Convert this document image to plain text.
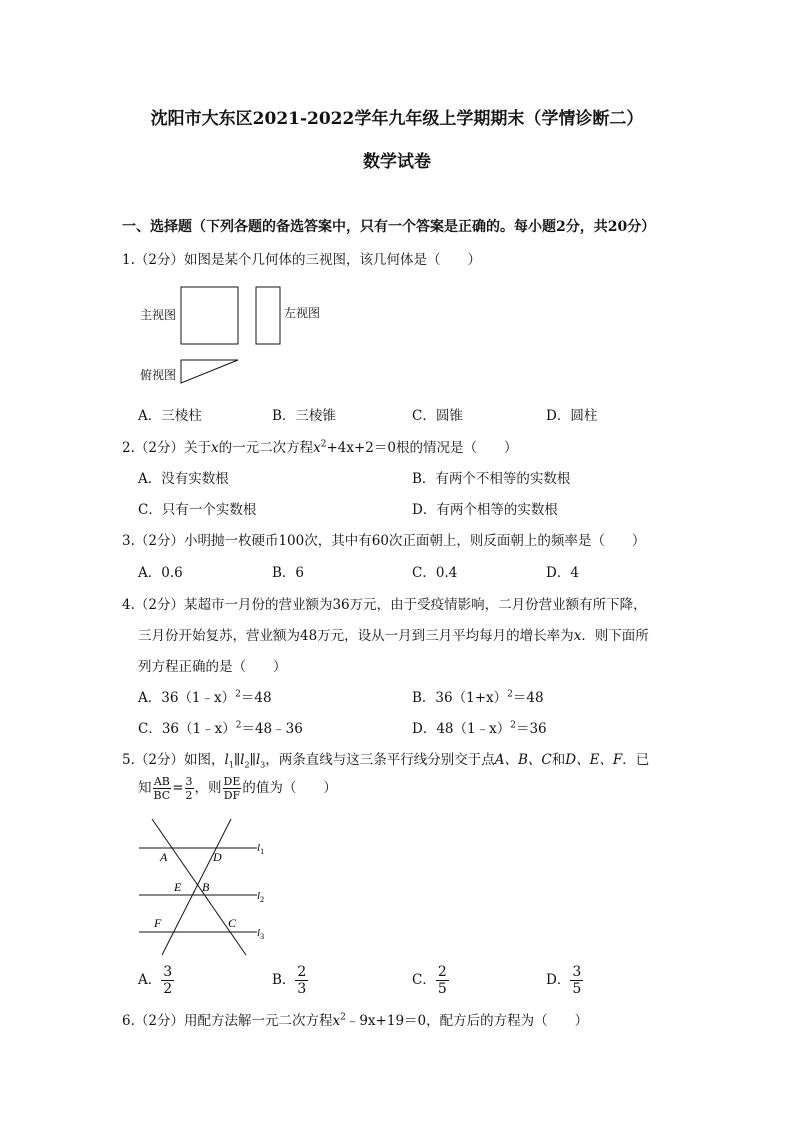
沈阳市大东区2021-2022学年九年级上学期期末（学情诊断二）
数学试卷
一、选择题（下列各题的备选答案中，只有一个答案是正确的。每小题2分，共20分）
1.（2分）如图是某个几何体的三视图，该几何体是（　　）
主视图	左视图
俯视图
A．三棱柱	B．三棱锥	C．圆锥	D．圆柱
2.（2分）关于x的一元二次方程$x^2+4x+2=0$根的情况是（　　）
A．没有实数根	B．有两个不相等的实数根
C．只有一个实数根	D．有两个相等的实数根
3.（2分）小明抛一枚硬币100次，其中有60次正面朝上，则反面朝上的频率是（　　）
A．0.6	B．6	C．0.4	D．4
4.（2分）某超市一月份的营业额为36万元，由于受疫情影响，二月份营业额有所下降，
三月份开始复苏，营业额为48万元，设从一月到三月平均每月的增长率为x．则下面所
列方程正确的是（　　）
A．36（1﹣x）$^2$＝48	B．$36(1+x)^2=48$
C．36（1﹣x）$^2$＝48﹣36	D．48（1﹣x）$^2$＝36
5.（2分）如图，$l_1\parallel l_2\parallel l_3$，两条直线与这三条平行线分别交于点A、B、C和D、E、F．已
知 $\frac{AB}{BC} = \frac{3}{2}$ ，则 $\frac{DE}{DF}$ 的值为（　　）
A	D
E B
F	C
$l_1$
$l_2$
$l_3$
A． $\frac{3}{2}$	B． $\frac{2}{3}$	C． $\frac{2}{5}$	D． $\frac{3}{5}$
6.（2分）用配方法解一元二次方程$x^2﹣9x+19=0$，配方后的方程为（　　）
